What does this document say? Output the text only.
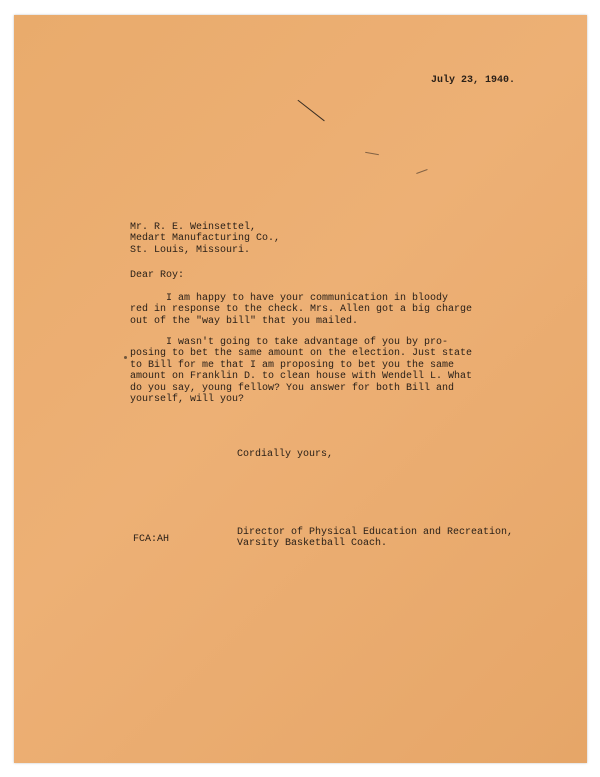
July 23, 1940.
Mr. R. E. Weinsettel,
Medart Manufacturing Co.,
St. Louis, Missouri.
Dear Roy:
I am happy to have your communication in bloody
red in response to the check. Mrs. Allen got a big charge
out of the "way bill" that you mailed.
I wasn't going to take advantage of you by pro-
posing to bet the same amount on the election. Just state
to Bill for me that I am proposing to bet you the same
amount on Franklin D. to clean house with Wendell L. What
do you say, young fellow? You answer for both Bill and
yourself, will you?
Cordially yours,
Director of Physical Education and Recreation,
Varsity Basketball Coach.
FCA:AH
